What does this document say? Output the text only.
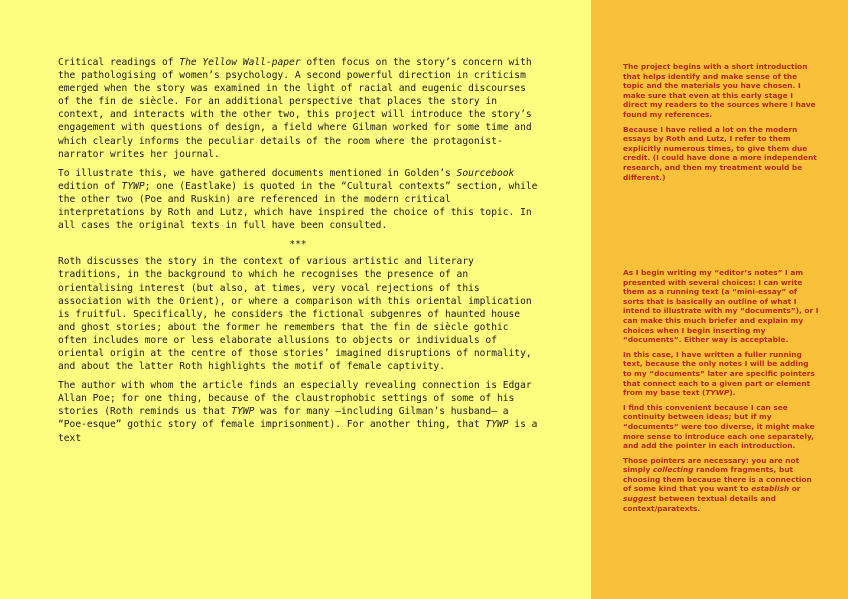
Critical readings of The Yellow Wall-paper often focus on the story’s concern with the pathologising of women’s psychology. A second powerful direction in criticism emerged when the story was examined in the light of racial and eugenic discourses of the fin de siècle. For an additional perspective that places the story in context, and interacts with the other two, this project will introduce the story’s engagement with questions of design, a field where Gilman worked for some time and which clearly informs the peculiar details of the room where the protagonist-narrator writes her journal.

To illustrate this, we have gathered documents mentioned in Golden’s Sourcebook edition of TYWP; one (Eastlake) is quoted in the “Cultural contexts” section, while the other two (Poe and Ruskin) are referenced in the modern critical interpretations by Roth and Lutz, which have inspired the choice of this topic. In all cases the original texts in full have been consulted.

***

Roth discusses the story in the context of various artistic and literary traditions, in the background to which he recognises the presence of an orientalising interest (but also, at times, very vocal rejections of this association with the Orient), or where a comparison with this oriental implication is fruitful. Specifically, he considers the fictional subgenres of haunted house and ghost stories; about the former he remembers that the fin de siècle gothic often includes more or less elaborate allusions to objects or individuals of oriental origin at the centre of those stories’ imagined disruptions of normality, and about the latter Roth highlights the motif of female captivity.

The author with whom the article finds an especially revealing connection is Edgar Allan Poe; for one thing, because of the claustrophobic settings of some of his stories (Roth reminds us that TYWP was for many —including Gilman’s husband— a “Poe-esque” gothic story of female imprisonment). For another thing, that TYWP is a text

The project begins with a short introduction that helps identify and make sense of the topic and the materials you have chosen. I make sure that even at this early stage I direct my readers to the sources where I have found my references.

Because I have relied a lot on the modern essays by Roth and Lutz, I refer to them explicitly numerous times, to give them due credit. (I could have done a more independent research, and then my treatment would be different.)

As I begin writing my “editor’s notes” I am presented with several choices: I can write them as a running text (a “mini-essay” of sorts that is basically an outline of what I intend to illustrate with my “documents”), or I can make this much briefer and explain my choices when I begin inserting my “documents”. Either way is acceptable.

In this case, I have written a fuller running text, because the only notes I will be adding to my “documents” later are specific pointers that connect each to a given part or element from my base text (TYWP).

I find this convenient because I can see continuity between ideas; but if my “documents” were too diverse, it might make more sense to introduce each one separately, and add the pointer in each introduction.

Those pointers are necessary: you are not simply collecting random fragments, but choosing them because there is a connection of some kind that you want to establish or suggest between textual details and context/paratexts.
